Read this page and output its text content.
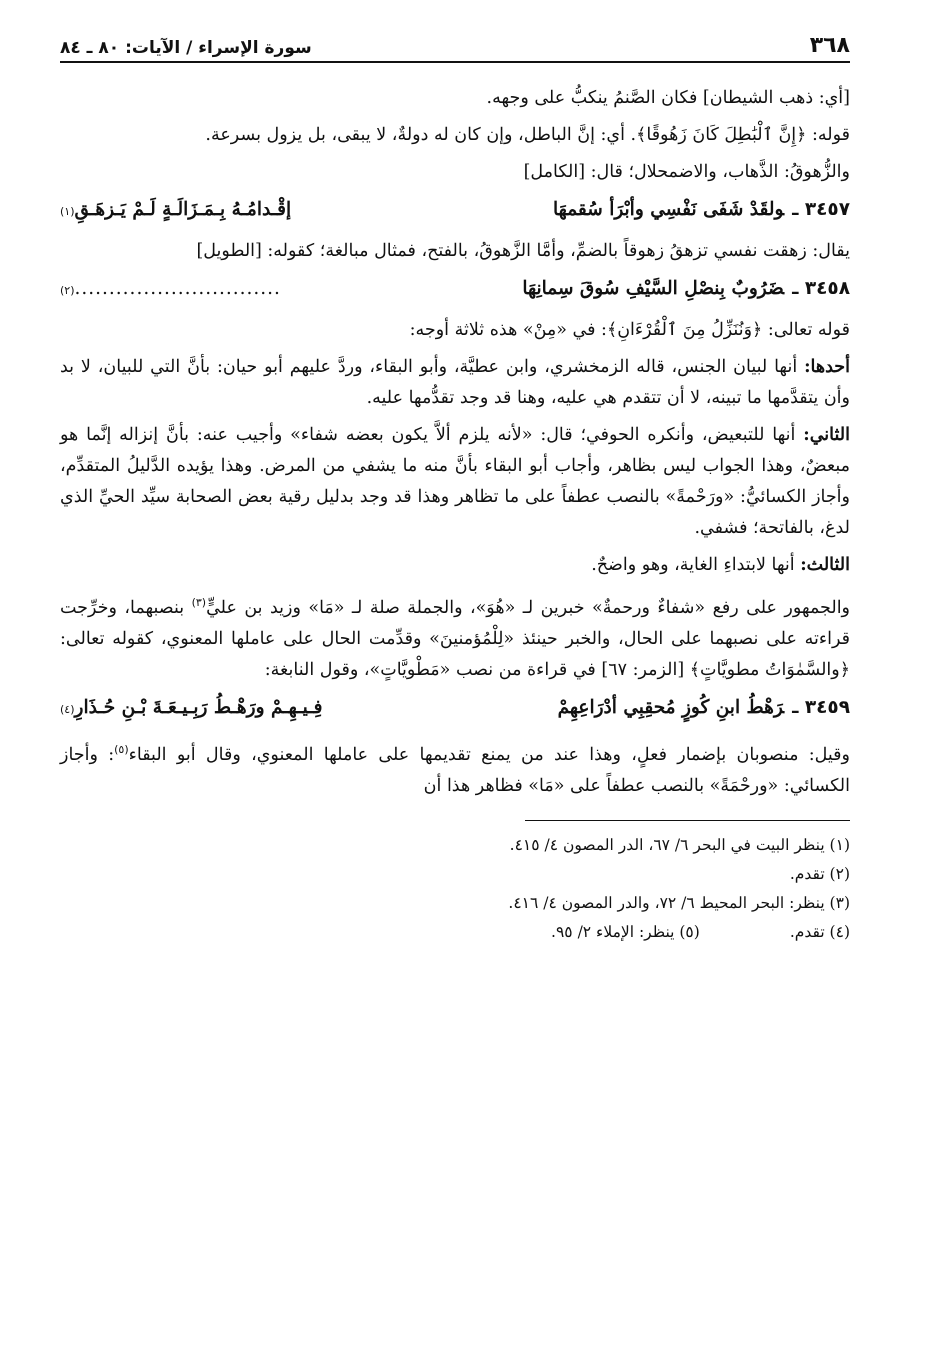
٣٦٨
سورة الإسراء / الآيات: ٨٠ ـ ٨٤

[أي: ذهب الشيطان] فكان الصَّنمُ ينكبُّ على وجهه.

قوله: ﴿إِنَّ ٱلْبَٰطِلَ كَانَ زَهُوقًا﴾. أي: إنَّ الباطل، وإن كان له دولةٌ، لا يبقى، بل يزول بسرعة.

والزُّهوقُ: الذَّهاب، والاضمحلال؛ قال: [الكامل]

٣٤٥٧ ـولقَدْ شَفَى نَفْسِي وأبْرَأ سُقمهَا
إقْـدامُـهُ بِـمَـزَالَـةٍ لَـمْ يَـزهَـقِ
(١)

يقال: زهقت نفسي تزهقُ زهوقاً بالضمِّ، وأمَّا الزَّهوقُ، بالفتح، فمثال مبالغة؛ كقوله: [الطويل]

٣٤٥٨ ـضَرُوبٌ بِنصْلِ السَّيْفِ سُوقَ سِمانِهَا
..............................
(٢)

قوله تعالى: ﴿وَنُنَزِّلُ مِنَ ٱلْقُرْءَانِ﴾: في «مِنْ» هذه ثلاثة أوجه:

أحدها: أنها لبيان الجنس، قاله الزمخشري، وابن عطيَّة، وأبو البقاء، وردَّ عليهم أبو حيان: بأنَّ التي للبيان، لا بد وأن يتقدَّمها ما تبينه، لا أن تتقدم هي عليه، وهنا قد وجد تقدُّمها عليه.

الثاني: أنها للتبعيض، وأنكره الحوفي؛ قال: «لأنه يلزم ألاَّ يكون بعضه شفاء» وأجيب عنه: بأنَّ إنزاله إنَّما هو مبعضٌ، وهذا الجواب ليس بظاهر، وأجاب أبو البقاء بأنَّ منه ما يشفي من المرض. وهذا يؤيده الدَّليلُ المتقدِّم، وأجاز الكسائيُّ: «ورَحْمةً» بالنصب عطفاً على ما تظاهر وهذا قد وجد بدليل رقية بعض الصحابة سيِّد الحيِّ الذي لدغ، بالفاتحة؛ فشفي.

الثالث: أنها لابتداءِ الغاية، وهو واضحٌ.

والجمهور على رفع «شفاءٌ ورحمةٌ» خبرين لـ «هُوَ»، والجملة صلة لـ «مَا» وزيد بن عليٍّ$^{(٣)}$ بنصبهما، وخرِّجت قراءته على نصبهما على الحال، والخبر حينئذ «لِلْمُؤمنينَ» وقدِّمت الحال على عاملها المعنوي، كقوله تعالى: ﴿والسَّمٰوَاتُ مطويَّاتٍ﴾ [الزمر: ٦٧] في قراءة من نصب «مَطْويَّاتٍ»، وقول النابغة:

٣٤٥٩ ـرَهْطُ ابنِ كُوزٍ مُحقِبِي أدْرَاعِهِمْ
فِـيـهِـمْ ورَهْـطُ رَبِـيـعَـةَ بْـنِ حُـذَارِ
(٤)

وقيل: منصوبان بإضمار فعلٍ، وهذا عند من يمنع تقديمها على عاملها المعنوي، وقال أبو البقاء$^{(٥)}$: وأجاز الكسائي: «ورحْمَةً» بالنصب عطفاً على «مَا» فظاهر هذا أن

(١) ينظر البيت في البحر ٦/ ٦٧، الدر المصون ٤/ ٤١٥.
(٢) تقدم.
(٣) ينظر: البحر المحيط ٦/ ٧٢، والدر المصون ٤/ ٤١٦.
(٤) تقدم.
(٥) ينظر: الإملاء ٢/ ٩٥.
